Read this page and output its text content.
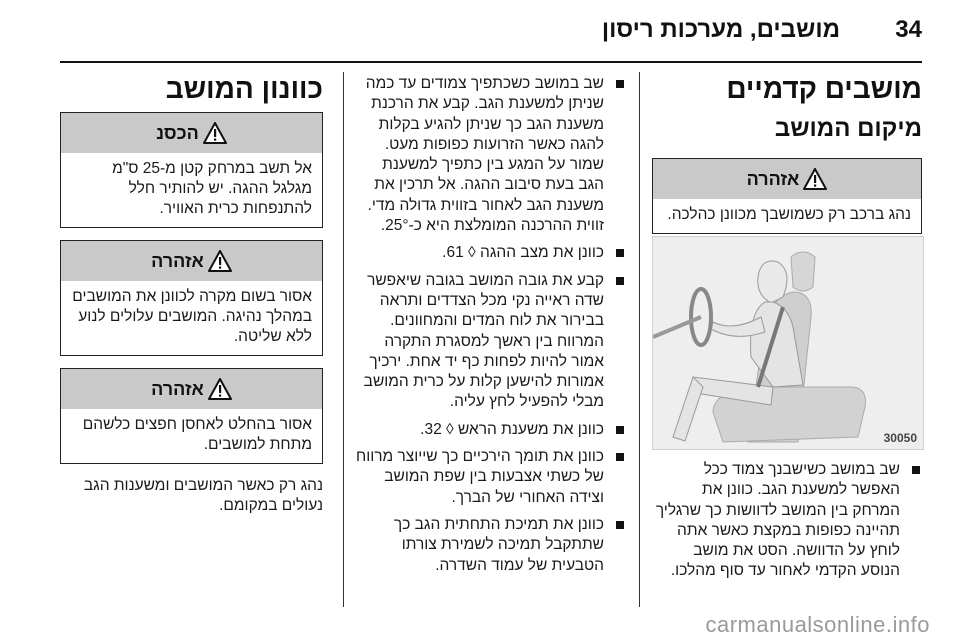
מושבים, מערכות ריסון 34
מושבים קדמיים
מיקום המושב
אזהרה
נהג ברכב רק כשמושבך מכוונן כהלכה.
30050
שב במושב כשישבנך צמוד ככל האפשר למשענת הגב. כוונן את המרחק בין המושב לדוושות כך שרגליך תהיינה כפופות במקצת כאשר אתה לוחץ על הדוושה. הסט את מושב הנוסע הקדמי לאחור עד סוף מהלכו.
שב במושב כשכתפיך צמודים עד כמה שניתן למשענת הגב. קבע את הרכנת משענת הגב כך שניתן להגיע בקלות להגה כאשר הזרועות כפופות מעט. שמור על המגע בין כתפיך למשענת הגב בעת סיבוב ההגה. אל תרכין את משענת הגב לאחור בזווית גדולה מדי. זווית ההרכנה המומלצת היא כ-25°.
כוונן את מצב ההגה ◊ 61.
קבע את גובה המושב בגובה שיאפשר שדה ראייה נקי מכל הצדדים ותראה בבירור את לוח המדים והמחוונים. המרווח בין ראשך למסגרת התקרה אמור להיות לפחות כף יד אחת. ירכיך אמורות להישען קלות על כרית המושב מבלי להפעיל לחץ עליה.
כוונן את משענת הראש ◊ 32.
כוונן את תומך הירכיים כך שייוצר מרווח של כשתי אצבעות בין שפת המושב וצידה האחורי של הברך.
כוונן את תמיכת התחתית הגב כך שתתקבל תמיכה לשמירת צורתו הטבעית של עמוד השדרה.
כוונון המושב
הכסנ
אל תשב במרחק קטן מ-25 ס"מ מגלגל ההגה. יש להותיר חלל להתנפחות כרית האוויר.
אזהרה
אסור בשום מקרה לכוונן את המושבים במהלך נהיגה. המושבים עלולים לנוע ללא שליטה.
אזהרה
אסור בהחלט לאחסן חפצים כלשהם מתחת למושבים.

נהג רק כאשר המושבים ומשענות הגב נעולים במקומם.

carmanualsonline.info
